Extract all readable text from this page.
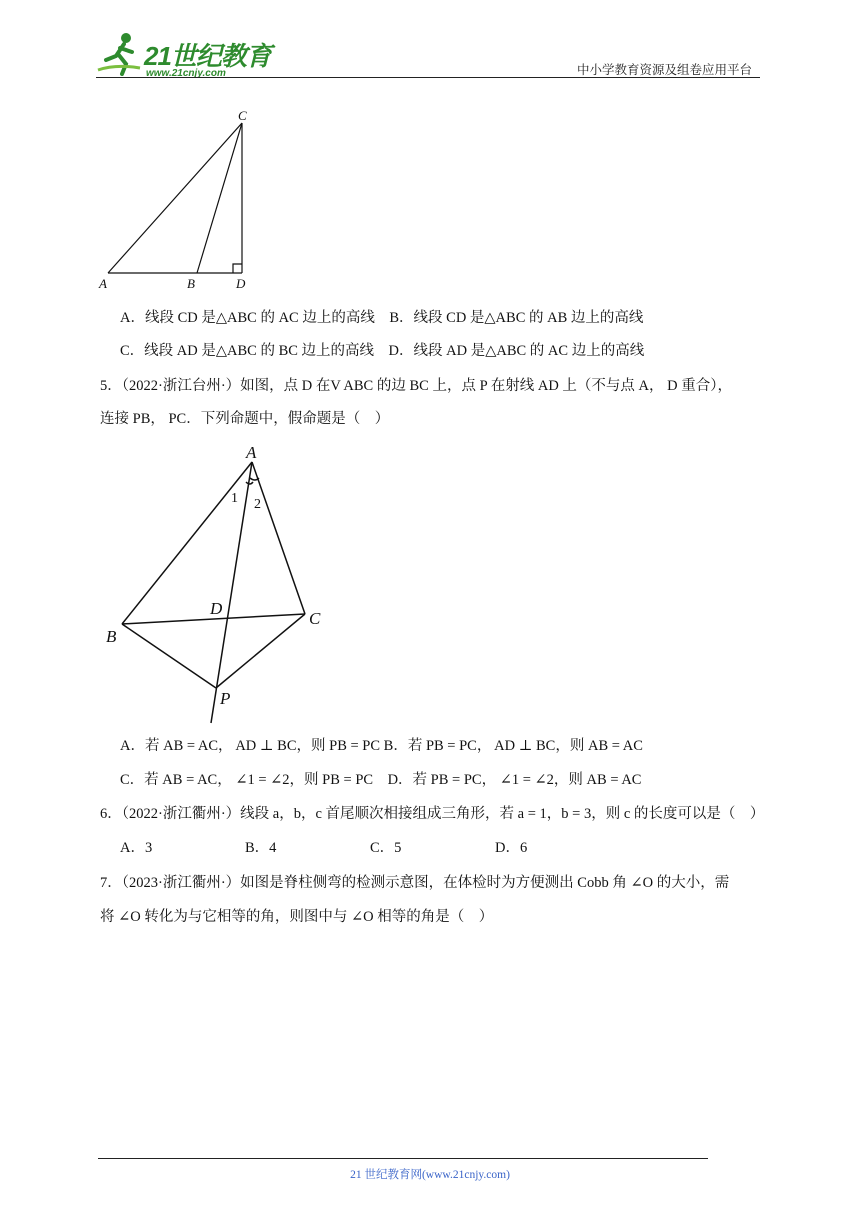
21世纪教育
www.21cnjy.com	中小学教育资源及组卷应用平台
C
A	B	D
A．线段 CD 是△ABC 的 AC 边上的高线　B．线段 CD 是△ABC 的 AB 边上的高线
C．线段 AD 是△ABC 的 BC 边上的高线　D．线段 AD 是△ABC 的 AC 边上的高线
5．（2022·浙江台州·）如图，点 D 在V ABC 的边 BC 上，点 P 在射线 AD 上（不与点 A， D 重合），
连接 PB， PC．下列命题中，假命题是（　）
A
B
C
D
P
1 2
A．若 AB = AC， AD ⊥ BC，则 PB = PC B．若 PB = PC， AD ⊥ BC，则 AB = AC
C．若 AB = AC， ∠1 = ∠2，则 PB = PC　D．若 PB = PC， ∠1 = ∠2，则 AB = AC
6．（2022·浙江衢州·）线段 a，b，c 首尾顺次相接组成三角形，若 a = 1，b = 3，则 c 的长度可以是（　）
A．3	B．4	C．5	D．6
7．（2023·浙江衢州·）如图是脊柱侧弯的检测示意图，在体检时为方便测出 Cobb 角 ∠O 的大小，需
将 ∠O 转化为与它相等的角，则图中与 ∠O 相等的角是（　）
21 世纪教育网(www.21cnjy.com)
